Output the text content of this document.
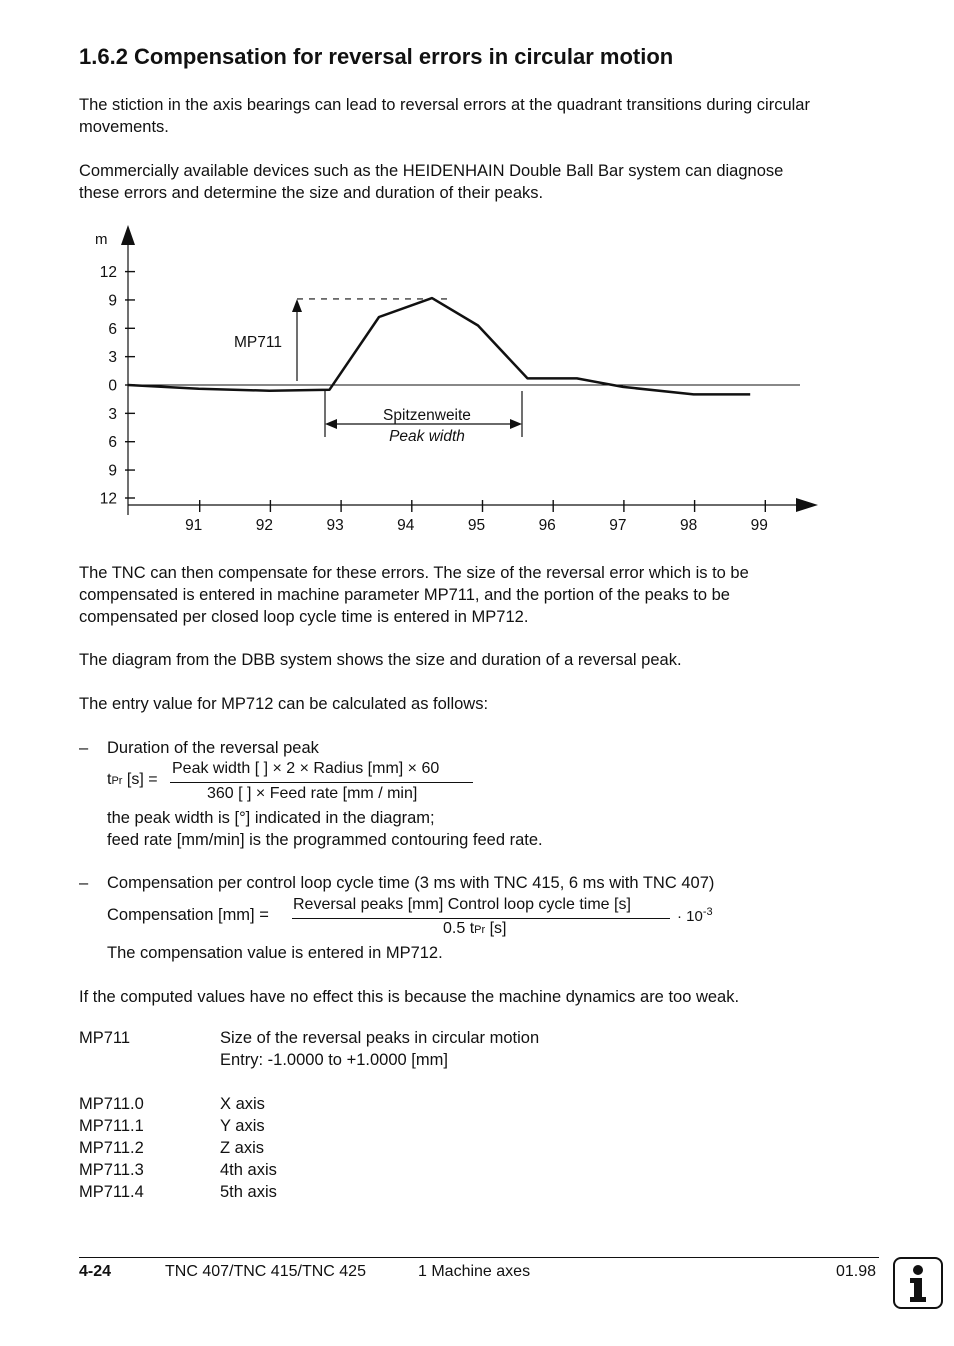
1.6.2 Compensation for reversal errors in circular motion
The stiction in the axis bearings can lead to reversal errors at the quadrant transitions during circular
movements.
Commercially available devices such as the HEIDENHAIN Double Ball Bar system can diagnose
these errors and determine the size and duration of their peaks.
m
12
9
6
3
0
3
6
9
12
91	92	93	94	95	96	97	98	99
MP711
Spitzenweite
Peak width
The TNC can then compensate for these errors. The size of the reversal error which is to be
compensated is entered in machine parameter MP711, and the portion of the peaks to be
compensated per closed loop cycle time is entered in MP712.
The diagram from the DBB system shows the size and duration of a reversal peak.
The entry value for MP712 can be calculated as follows:
–	Duration of the reversal peak
tPr [s] =
Peak width [ ] × 2 × Radius [mm] × 60
360 [ ] × Feed rate [mm / min]
the peak width is [°] indicated in the diagram;
feed rate [mm/min] is the programmed contouring feed rate.
–	Compensation per control loop cycle time (3 ms with TNC 415, 6 ms with TNC 407)
Compensation [mm] =
Reversal peaks [mm] Control loop cycle time [s]
0.5 tPr [s]
· $10^{-3}$
The compensation value is entered in MP712.
If the computed values have no effect this is because the machine dynamics are too weak.
MP711	Size of the reversal peaks in circular motion
Entry: -1.0000 to +1.0000 [mm]
MP711.0	X axis
MP711.1	Y axis
MP711.2	Z axis
MP711.3	4th axis
MP711.4	5th axis
4-24	TNC 407/TNC 415/TNC 425	1 Machine axes	01.98
